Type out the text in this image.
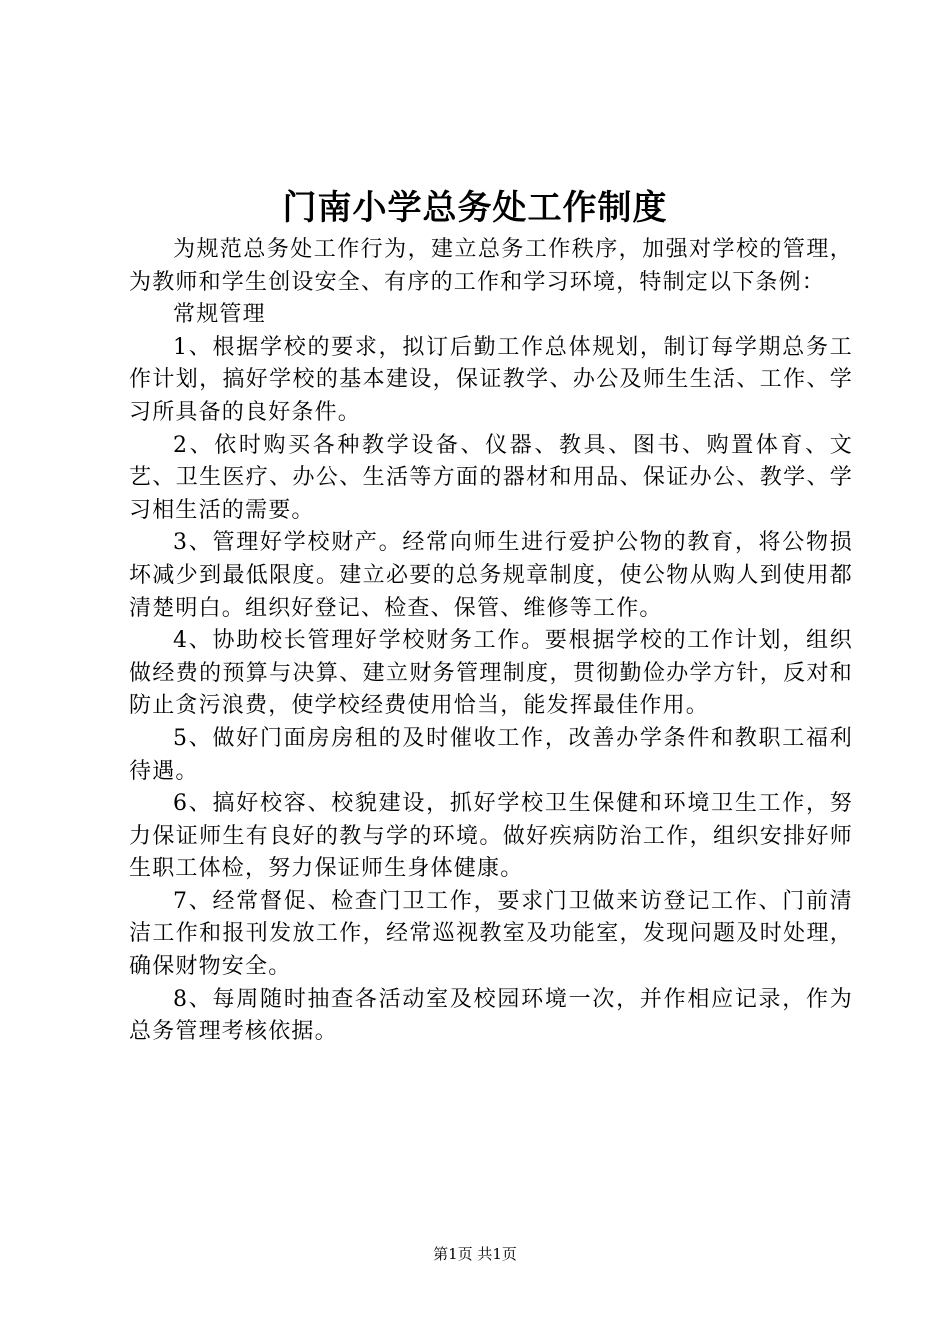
门南小学总务处工作制度

为规范总务处工作行为，建立总务工作秩序，加强对学校的管理，为教师和学生创设安全、有序的工作和学习环境，特制定以下条例：

常规管理

1、根据学校的要求，拟订后勤工作总体规划，制订每学期总务工作计划，搞好学校的基本建设，保证教学、办公及师生生活、工作、学习所具备的良好条件。

2、依时购买各种教学设备、仪器、教具、图书、购置体育、文艺、卫生医疗、办公、生活等方面的器材和用品、保证办公、教学、学习相生活的需要。

3、管理好学校财产。经常向师生进行爱护公物的教育，将公物损坏减少到最低限度。建立必要的总务规章制度，使公物从购人到使用都清楚明白。组织好登记、检查、保管、维修等工作。

4、协助校长管理好学校财务工作。要根据学校的工作计划，组织做经费的预算与决算、建立财务管理制度，贯彻勤俭办学方针，反对和防止贪污浪费，使学校经费使用恰当，能发挥最佳作用。

5、做好门面房房租的及时催收工作，改善办学条件和教职工福利待遇。

6、搞好校容、校貌建设，抓好学校卫生保健和环境卫生工作，努力保证师生有良好的教与学的环境。做好疾病防治工作，组织安排好师生职工体检，努力保证师生身体健康。

7、经常督促、检查门卫工作，要求门卫做来访登记工作、门前清洁工作和报刊发放工作，经常巡视教室及功能室，发现问题及时处理，确保财物安全。

8、每周随时抽查各活动室及校园环境一次，并作相应记录，作为总务管理考核依据。

第1页 共1页
